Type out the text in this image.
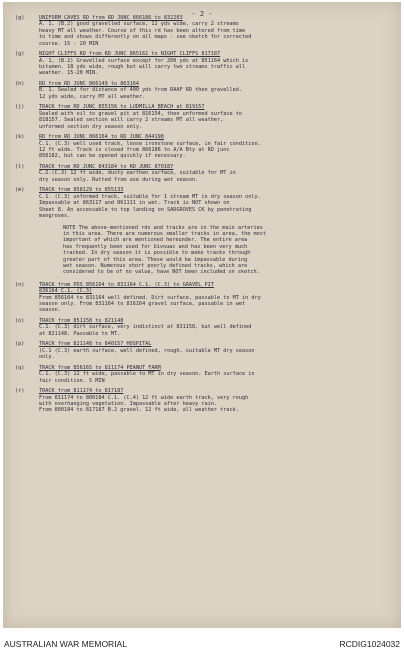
- 2 -
(g)	UNIFORM CAVES RD from RD JUNC 866186 to 832203

A. 1, (B.2) good gravelled surface, 12 yds wide, carry 2 streams

heavy MT all weather. Course of this rd has been altered from time

to time and shows differently on all maps - see sketch for corrected

course. 15 - 20 MIN

(g)	NIGHT CLIFFS RD from RD JUNC 865161 to NIGHT CLIFFS 817187

A. 1, (B.2) Gravelled surface except for 200 yds at 851164 which is

bitumen. 18 yds wide, rough but will carry two streams traffic all

weather. 15-20 MIN.

(h)	RD from RD JUNC 866149 to 863164

B. 1. Sealed for distance of 400 yds from RAAF RD then gravelled.

12 yds wide, carry MT all weather.

(j)	TRACK from RD JUNC 855156 to LUDMILLA BEACH at 819157

Sealed with oil to gravel pit at 816154, then unformed surface to

818157. Sealed section will carry 2 streams MT all weather,

unformed section dry season only.

(k)	RD from RD JUNC 866164 to RD JUNC 844198

C.1. (C.3) well used track, loose ironstone surface, in fair condition.

12 ft wide. Track is closed from 866186 to A/A Bty at RD junc

850182, but can be opened quickly if necessary.

(l)	TRACK from RD JUNC 843184 to RD JUNC 870187

C.2.(C.3) 12 ft wide, dusty earthen surface, suitable for MT in

dry season only. Rutted from use during wet season.

(m)	TRACK from 858129 to 855133

C.1. (C.3) unformed track, suitable for 1 stream MT in dry season only.

Impassable at 863117 and 861111 in wet. Track is NOT shown on

Sheet 8. An accessable to top landing on SADGROVES CK by penetrating

mangroves.

NOTE The above-mentioned rds and tracks are in the main arteries

in this area. There are numerous smaller tracks in area, the most

important of which are mentioned hereunder. The entire area

has frequently been used for bivouac and has been very much

tracked. In dry season it is possible to make tracks through

greater part of this area. These would be impassable during

wet season. Numerous short poorly defined tracks, which are

considered to be of no value, have NOT been included on sketch.

(n)	TRACK from PDS 856164 to 831164 C.1. (C.3) to GRAVEL PIT

836164 C.1. (C.3)

From 856164 to 831164 well defined. Dirt surface, passable to MT in dry

season only. From 831164 to 816164 gravel surface, passable in wet

season.

(o)	TRACK from 851158 to 821148

C.1. (C.3) dirt surface, very indistinct at 831158, but well defined

at 821148. Passable to MT.

(p)	TRACK from 821148 to 840157 HOSPITAL

(C.1 (C.3) earth surface, well defined, rough, suitable MT dry season

only.

(q)	TRACK from 856165 to 811174 PEANUT FARM

C.1. (C.3) 12 ft wide, passable to MT in dry season. Earth surface in

fair condition. 5 MIN

(r)	TRACK from 811174 to 817187

From 811174 to 800184 C.1. (C.4) 12 ft wide earth track, very rough

with overhanging vegetation. Impassable after heavy rain.

From 800184 to 817187 B.2 gravel. 12 ft wide, all weather track.

AUSTRALIAN WAR MEMORIAL	RCDIG1024032
